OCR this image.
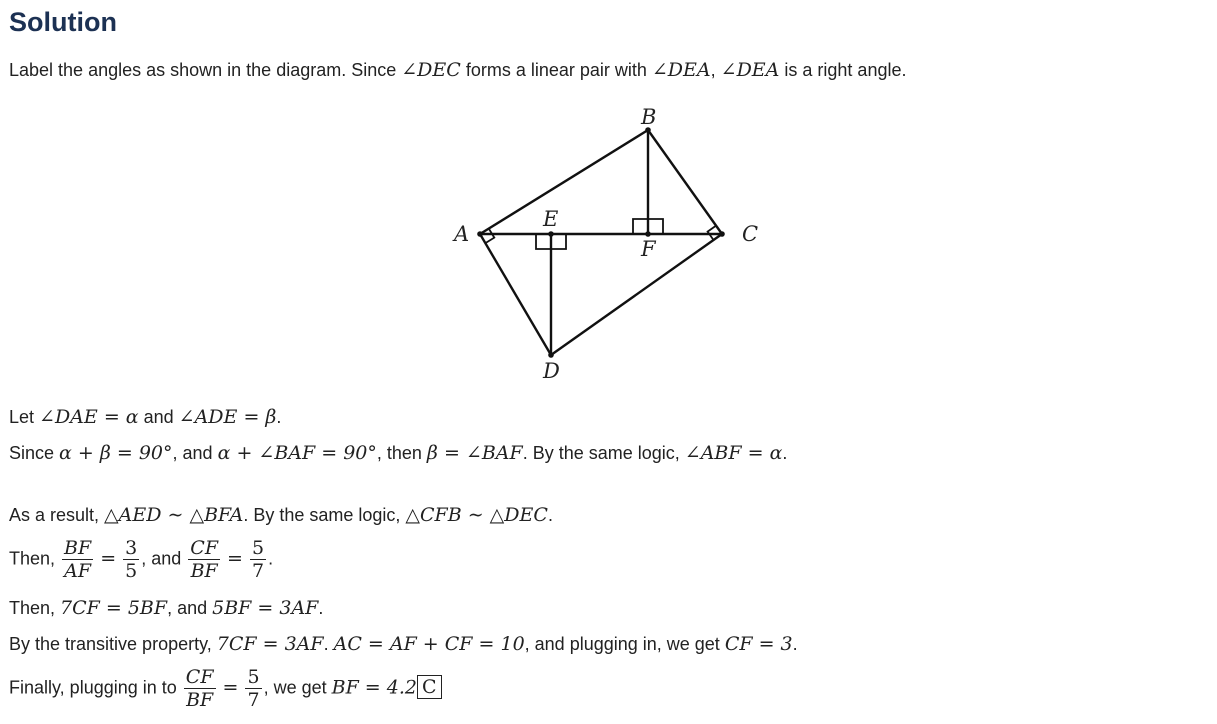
Solution
Label the angles as shown in the diagram. Since ∠DEC forms a linear pair with ∠DEA, ∠DEA is a right angle.
B
A	C
E
F
D
Let ∠DAE = α and ∠ADE = β.
Since α + β = 90°, and α + ∠BAF = 90°, then β = ∠BAF. By the same logic, ∠ABF = α.
As a result, △AED ∼ △BFA. By the same logic, △CFB ∼ △DEC.
Then, $\frac{BF}{AF} = \frac{3}{5}$ , and $\frac{CF}{BF} = \frac{5}{7}$ .
Then, 7CF = 5BF, and 5BF = 3AF.
By the transitive property, 7CF = 3AF. AC = AF + CF = 10, and plugging in, we get CF = 3.
Finally, plugging in to $\frac{CF}{BF} = \frac{5}{7}$ , we get BF = 4.2 C
